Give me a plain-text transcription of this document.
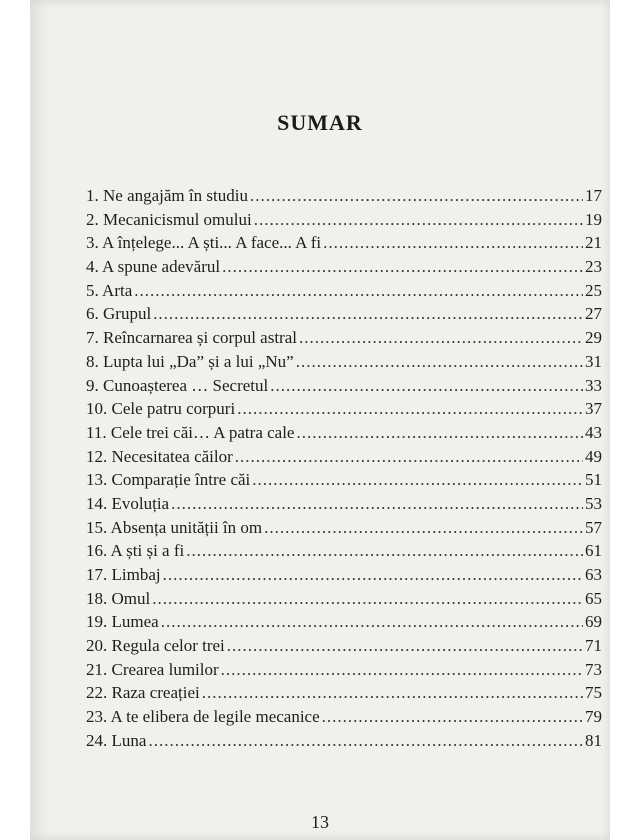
SUMAR
1. Ne angajăm în studiu .....	17
2. Mecanicismul omului .....	19
3. A înțelege... A ști... A face... A fi .....	21
4. A spune adevărul .....	23
5. Arta .....	25
6. Grupul .....	27
7. Reîncarnarea și corpul astral .....	29
8. Lupta lui „Da” și a lui „Nu” .....	31
9. Cunoașterea … Secretul .....	33
10. Cele patru corpuri .....	37
11. Cele trei căi… A patra cale .....	43
12. Necesitatea căilor .....	49
13. Comparație între căi .....	51
14. Evoluția .....	53
15. Absența unității în om .....	57
16. A ști și a fi .....	61
17. Limbaj .....	63
18. Omul .....	65
19. Lumea .....	69
20. Regula celor trei .....	71
21. Crearea lumilor .....	73
22. Raza creației .....	75
23. A te elibera de legile mecanice .....	79
24. Luna .....	81
13
